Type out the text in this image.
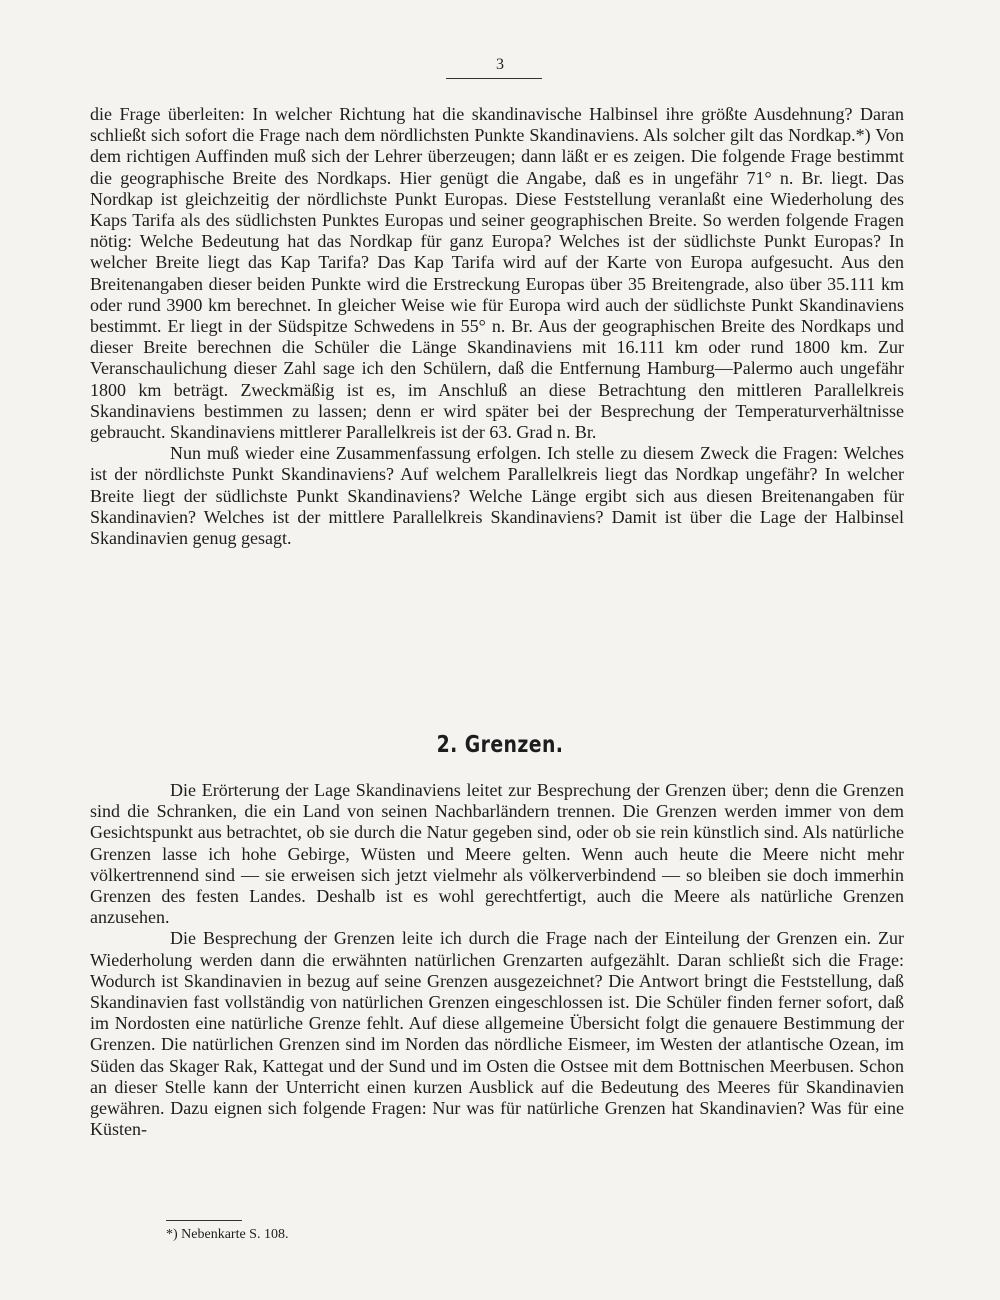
3

die Frage überleiten: In welcher Richtung hat die skandinavische Halbinsel ihre größte Ausdehnung? Daran schließt sich sofort die Frage nach dem nördlichsten Punkte Skandinaviens. Als solcher gilt das Nordkap.*) Von dem richtigen Auffinden muß sich der Lehrer überzeugen; dann läßt er es zeigen. Die folgende Frage bestimmt die geographische Breite des Nordkaps. Hier genügt die Angabe, daß es in ungefähr 71° n. Br. liegt. Das Nordkap ist gleichzeitig der nördlichste Punkt Europas. Diese Feststellung veranlaßt eine Wiederholung des Kaps Tarifa als des südlichsten Punktes Europas und seiner geographischen Breite. So werden folgende Fragen nötig: Welche Bedeutung hat das Nordkap für ganz Europa? Welches ist der südlichste Punkt Europas? In welcher Breite liegt das Kap Tarifa? Das Kap Tarifa wird auf der Karte von Europa aufgesucht. Aus den Breitenangaben dieser beiden Punkte wird die Erstreckung Europas über 35 Breitengrade, also über 35.111 km oder rund 3900 km berechnet. In gleicher Weise wie für Europa wird auch der südlichste Punkt Skandinaviens bestimmt. Er liegt in der Südspitze Schwedens in 55° n. Br. Aus der geographischen Breite des Nordkaps und dieser Breite berechnen die Schüler die Länge Skandinaviens mit 16.111 km oder rund 1800 km. Zur Veranschaulichung dieser Zahl sage ich den Schülern, daß die Entfernung Hamburg—Palermo auch ungefähr 1800 km beträgt. Zweckmäßig ist es, im Anschluß an diese Betrachtung den mittleren Parallelkreis Skandinaviens bestimmen zu lassen; denn er wird später bei der Besprechung der Temperaturverhältnisse gebraucht. Skandinaviens mittlerer Parallelkreis ist der 63. Grad n. Br.

Nun muß wieder eine Zusammenfassung erfolgen. Ich stelle zu diesem Zweck die Fragen: Welches ist der nördlichste Punkt Skandinaviens? Auf welchem Parallelkreis liegt das Nordkap ungefähr? In welcher Breite liegt der südlichste Punkt Skandinaviens? Welche Länge ergibt sich aus diesen Breitenangaben für Skandinavien? Welches ist der mittlere Parallelkreis Skandinaviens? Damit ist über die Lage der Halbinsel Skandinavien genug gesagt.

2. Grenzen.

Die Erörterung der Lage Skandinaviens leitet zur Besprechung der Grenzen über; denn die Grenzen sind die Schranken, die ein Land von seinen Nachbarländern trennen. Die Grenzen werden immer von dem Gesichtspunkt aus betrachtet, ob sie durch die Natur gegeben sind, oder ob sie rein künstlich sind. Als natürliche Grenzen lasse ich hohe Gebirge, Wüsten und Meere gelten. Wenn auch heute die Meere nicht mehr völkertrennend sind — sie erweisen sich jetzt vielmehr als völkerverbindend — so bleiben sie doch immerhin Grenzen des festen Landes. Deshalb ist es wohl gerechtfertigt, auch die Meere als natürliche Grenzen anzusehen.

Die Besprechung der Grenzen leite ich durch die Frage nach der Einteilung der Grenzen ein. Zur Wiederholung werden dann die erwähnten natürlichen Grenzarten aufgezählt. Daran schließt sich die Frage: Wodurch ist Skandinavien in bezug auf seine Grenzen ausgezeichnet? Die Antwort bringt die Feststellung, daß Skandinavien fast vollständig von natürlichen Grenzen eingeschlossen ist. Die Schüler finden ferner sofort, daß im Nordosten eine natürliche Grenze fehlt. Auf diese allgemeine Übersicht folgt die genauere Bestimmung der Grenzen. Die natürlichen Grenzen sind im Norden das nördliche Eismeer, im Westen der atlantische Ozean, im Süden das Skager Rak, Kattegat und der Sund und im Osten die Ostsee mit dem Bottnischen Meerbusen. Schon an dieser Stelle kann der Unterricht einen kurzen Ausblick auf die Bedeutung des Meeres für Skandinavien gewähren. Dazu eignen sich folgende Fragen: Nur was für natürliche Grenzen hat Skandinavien? Was für eine Küsten-

*) Nebenkarte S. 108.
